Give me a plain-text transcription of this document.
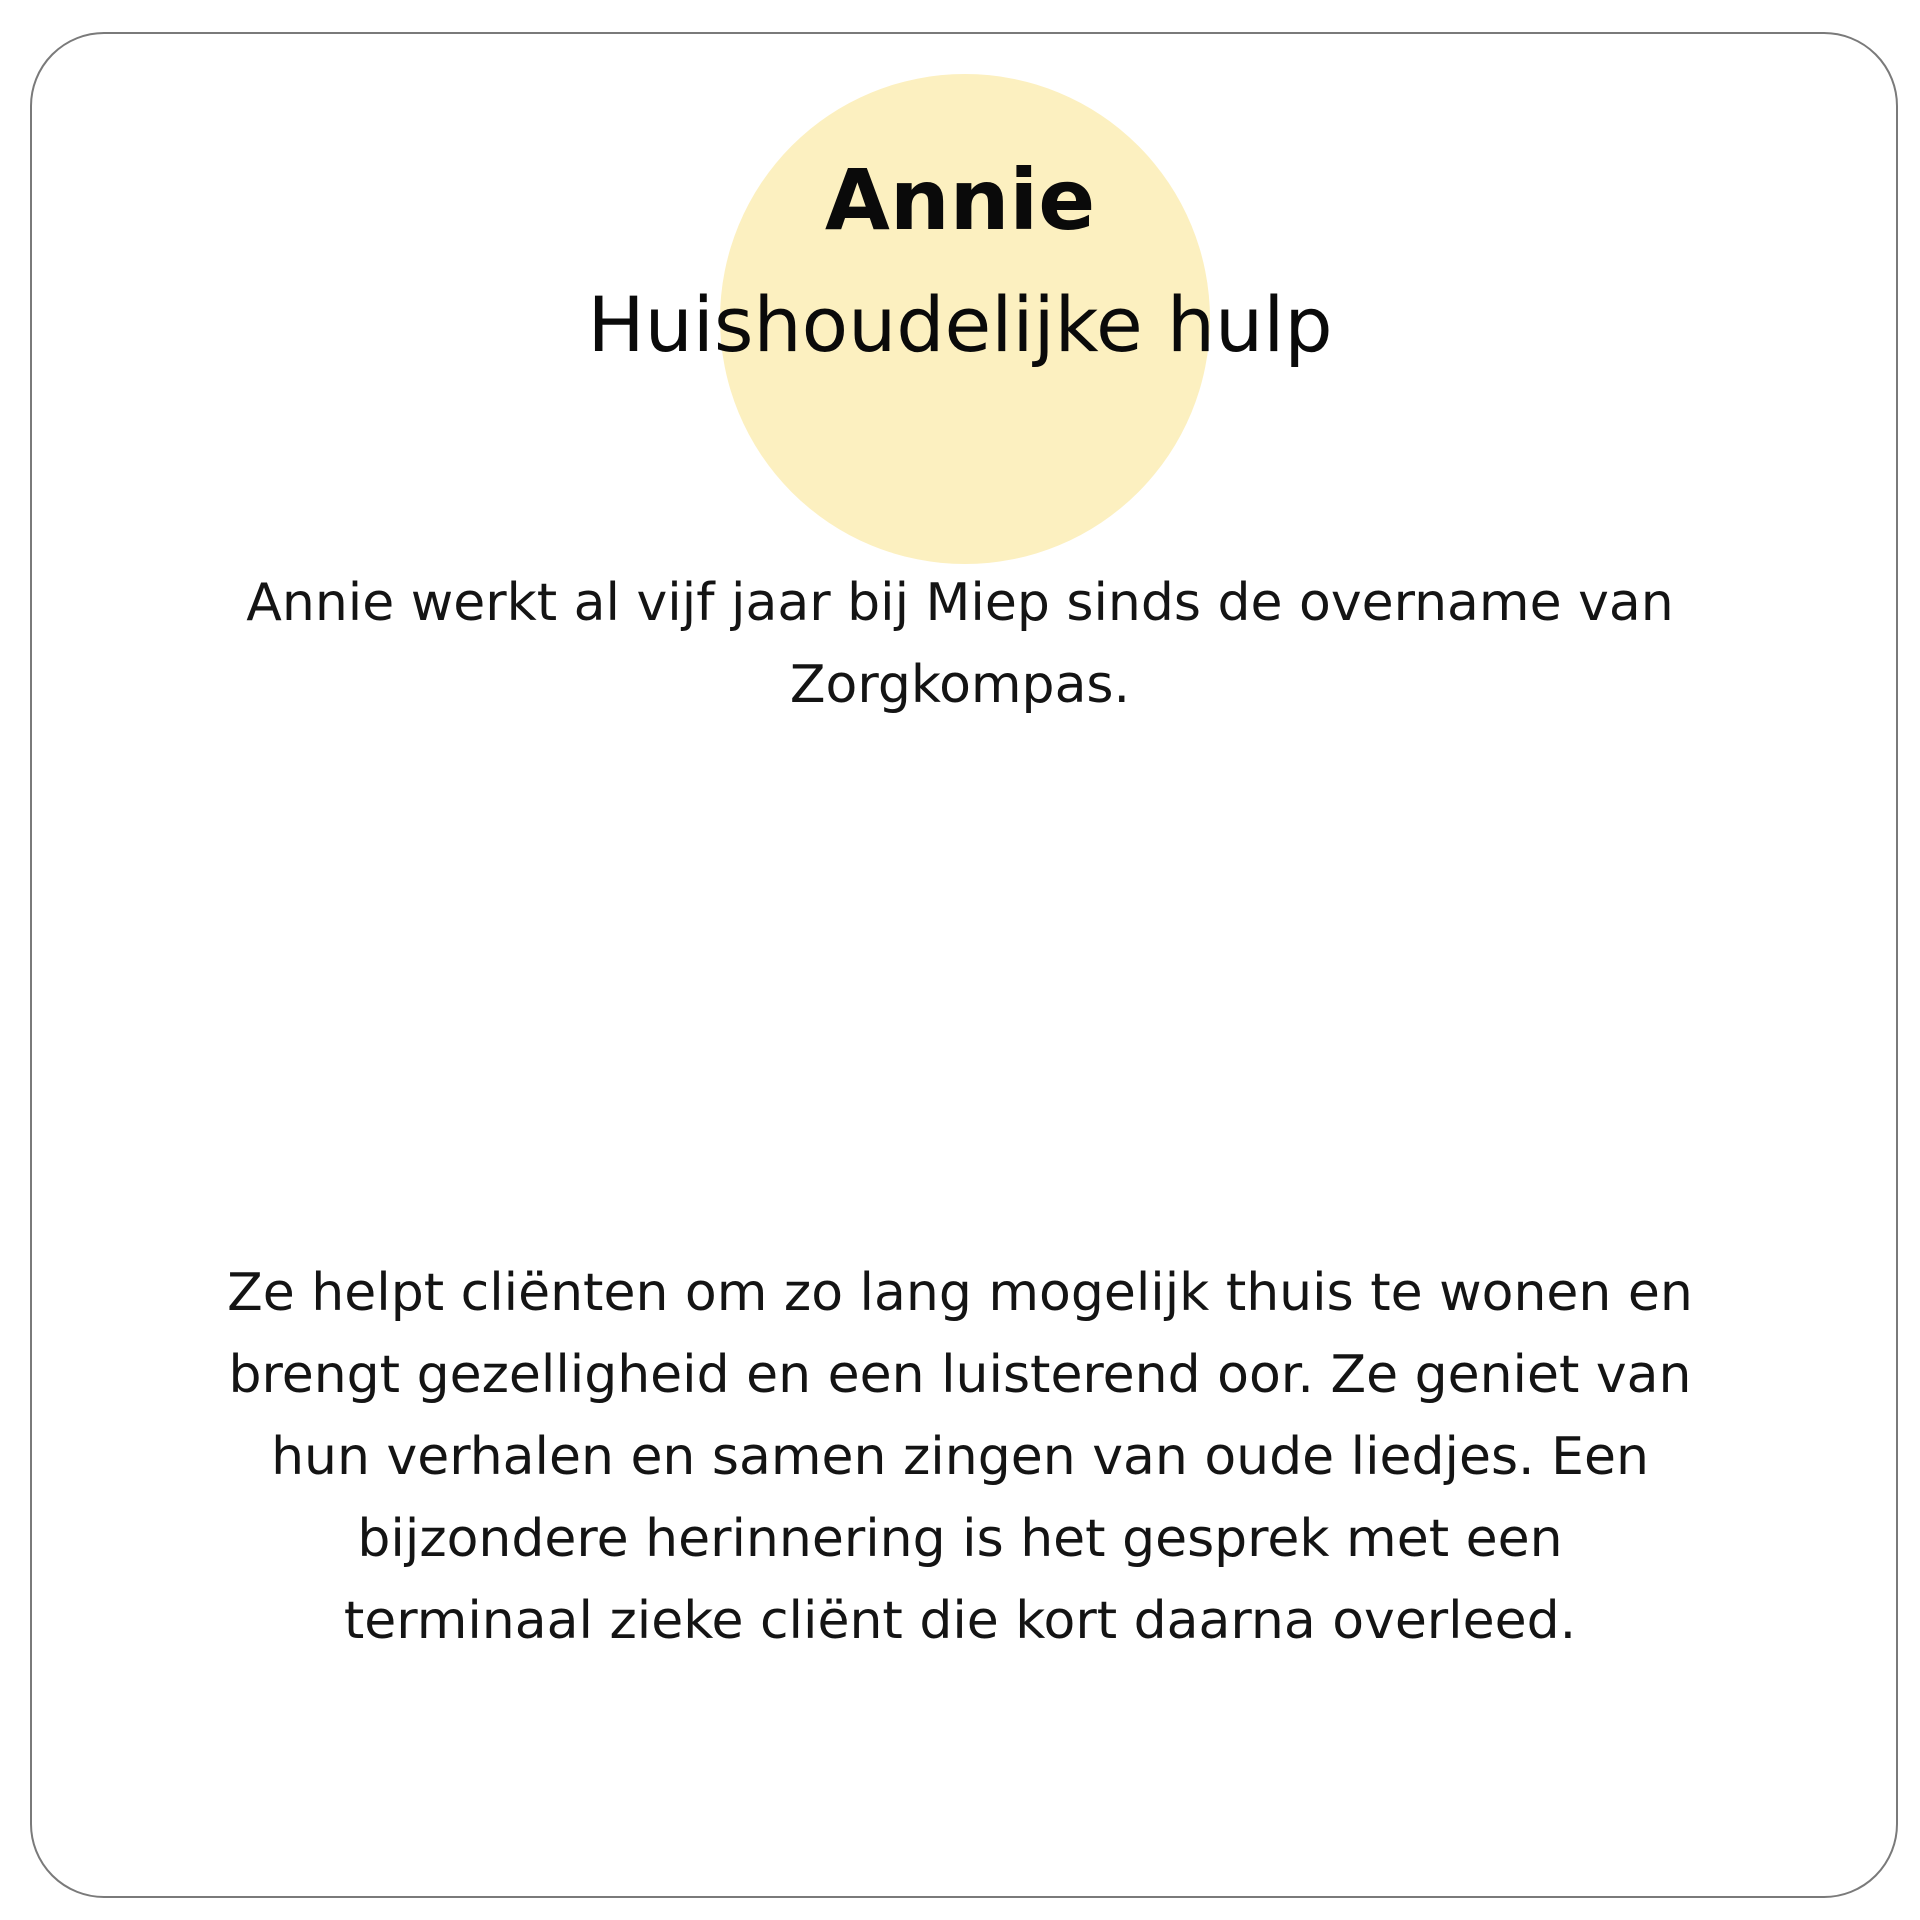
Annie
Huishoudelijke hulp
Annie werkt al vijf jaar bij Miep sinds de overname van
Zorgkompas.
Ze helpt cliënten om zo lang mogelijk thuis te wonen en
brengt gezelligheid en een luisterend oor. Ze geniet van
hun verhalen en samen zingen van oude liedjes. Een
bijzondere herinnering is het gesprek met een
terminaal zieke cliënt die kort daarna overleed.
